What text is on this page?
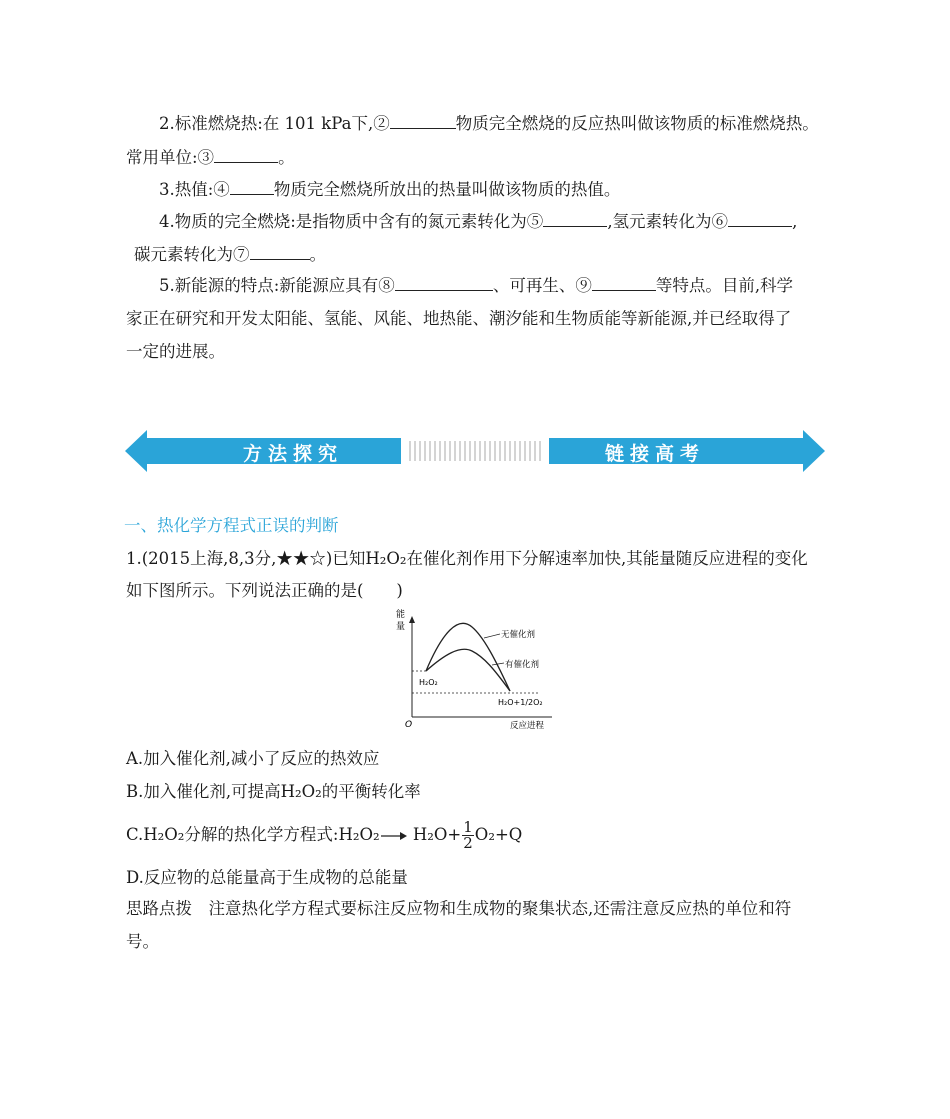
2.标准燃烧热:在 101 kPa下,②	物质完全燃烧的反应热叫做该物质的标准燃烧热。
常用单位:③	。
3.热值:④	物质完全燃烧所放出的热量叫做该物质的热值。
4.物质的完全燃烧:是指物质中含有的氮元素转化为⑤	,氢元素转化为⑥	,
碳元素转化为⑦	。
5.新能源的特点:新能源应具有⑧	、可再生、⑨	等特点。目前,科学
家正在研究和开发太阳能、氢能、风能、地热能、潮汐能和生物质能等新能源,并已经取得了
一定的进展。
方法探究	链接高考
一、热化学方程式正误的判断
1.(2015上海,8,3分,★★☆)已知H₂O₂在催化剂作用下分解速率加快,其能量随反应进程的变化
如下图所示。下列说法正确的是(　　)
能
量
O	反应进程
无催化剂
有催化剂
H₂O₂
H₂O+1/2O₂
A.加入催化剂,减小了反应的热效应
B.加入催化剂,可提高H₂O₂的平衡转化率
C.H₂O₂分解的热化学方程式:H₂O₂→ $H_2O+ \frac{1}{2} O_2+Q$
D.反应物的总能量高于生成物的总能量
思路点拨　注意热化学方程式要标注反应物和生成物的聚集状态,还需注意反应热的单位和符
号。
